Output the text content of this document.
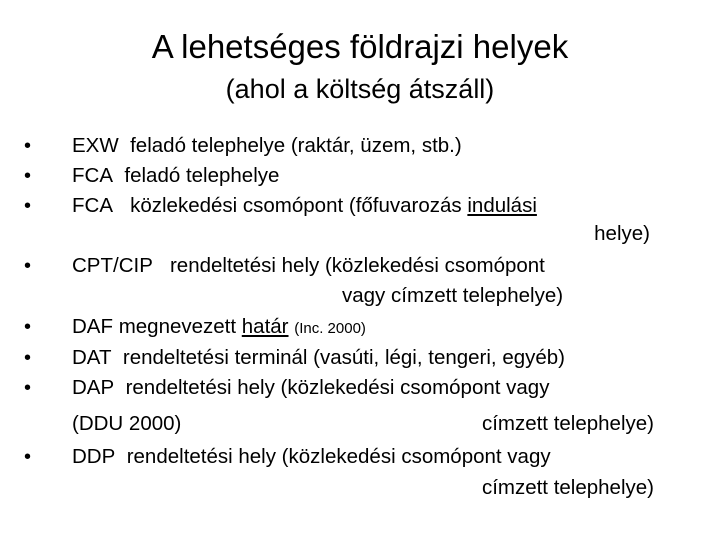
A lehetséges földrajzi helyek
(ahol a költség átszáll)
• EXW feladó telephelye (raktár, üzem, stb.)
• FCA feladó telephelye
• FCA közlekedési csomópont (főfuvarozás indulási
helye)
• CPT/CIP rendeltetési hely (közlekedési csomópont
vagy címzett telephelye)
• DAF megnevezett határ (Inc. 2000)
• DAT rendeltetési terminál (vasúti, légi, tengeri, egyéb)
• DAP rendeltetési hely (közlekedési csomópont vagy
(DDU 2000)	címzett telephelye)
• DDP rendeltetési hely (közlekedési csomópont vagy
címzett telephelye)
